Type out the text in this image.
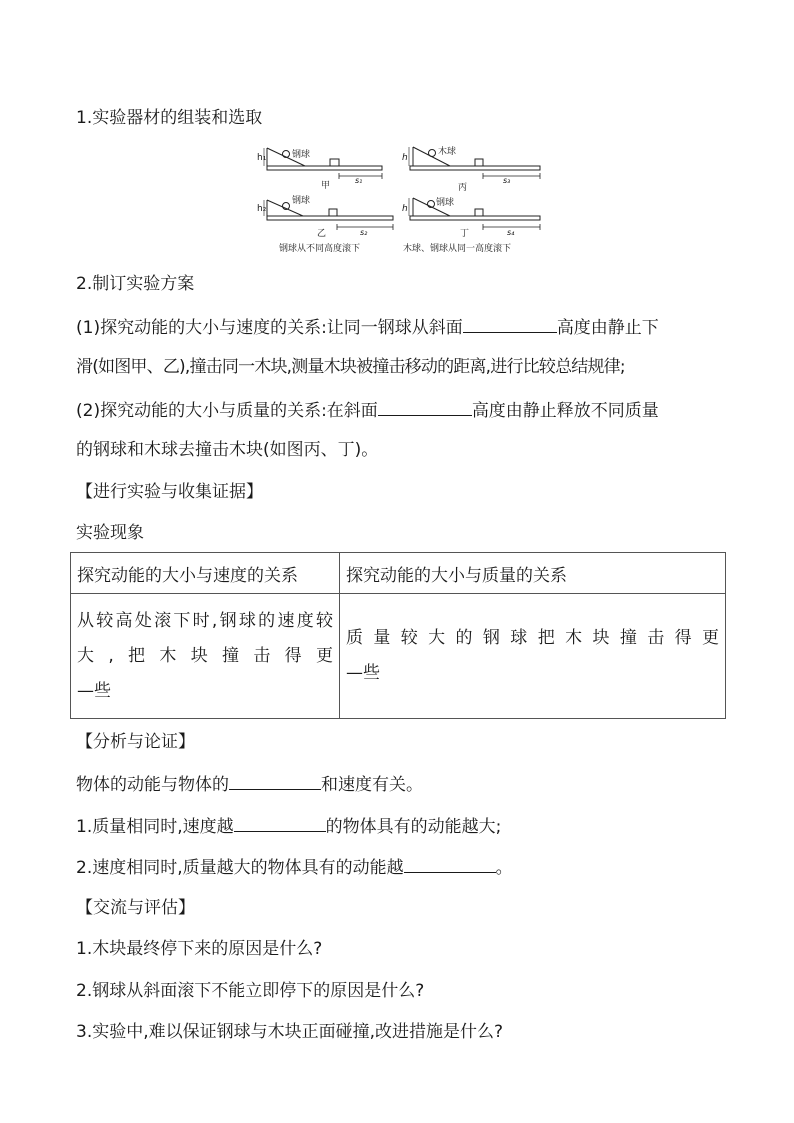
1.实验器材的组装和选取
h₁	钢球
s₁
甲
h
木球
s₃
丙
h₂
钢球
s₂
乙
钢球从不同高度滚下
h
钢球
s₄
丁
木球、钢球从同一高度滚下
2.制订实验方案
(1)探究动能的大小与速度的关系:让同一钢球从斜面	高度由静止下
滑(如图甲、乙),撞击同一木块,测量木块被撞击移动的距离,进行比较总结规律;
(2)探究动能的大小与质量的关系:在斜面	高度由静止释放不同质量
的钢球和木球去撞击木块(如图丙、丁)。
【进行实验与收集证据】
实验现象
探究动能的大小与速度的关系	探究动能的大小与质量的关系

从较高处滚下时,钢球的速度较
大,把木块撞击得更
—些	质量较大的钢球把木块撞击得更
—些
【分析与论证】
物体的动能与物体的	和速度有关。
1.质量相同时,速度越	的物体具有的动能越大;
2.速度相同时,质量越大的物体具有的动能越	。
【交流与评估】
1.木块最终停下来的原因是什么?
2.钢球从斜面滚下不能立即停下的原因是什么?
3.实验中,难以保证钢球与木块正面碰撞,改进措施是什么?
